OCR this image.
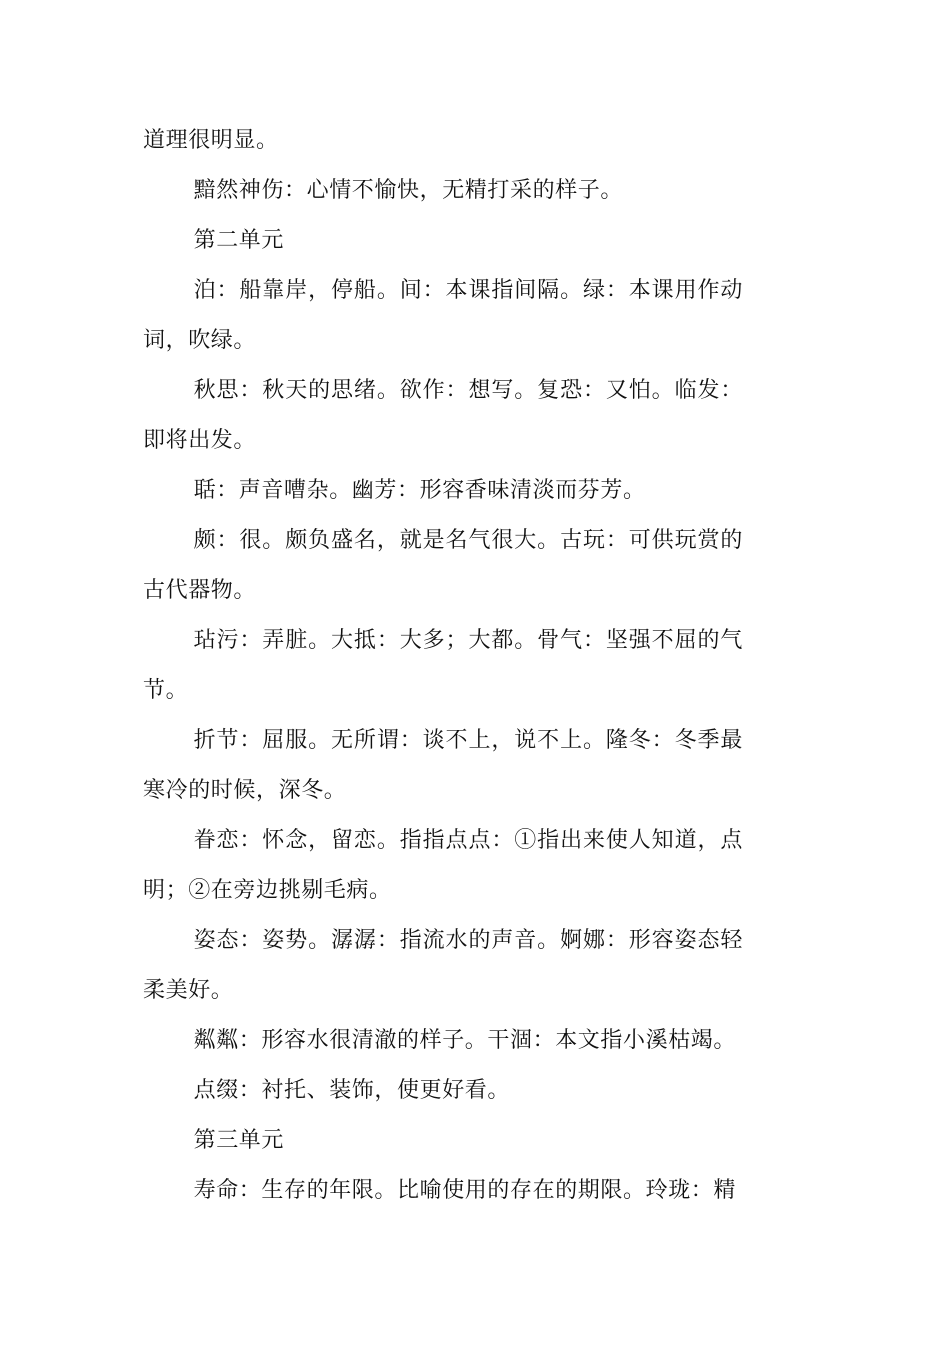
道理很明显。

黯然神伤：心情不愉快，无精打采的样子。

第二单元

泊：船靠岸，停船。间：本课指间隔。绿：本课用作动词，吹绿。

秋思：秋天的思绪。欲作：想写。复恐：又怕。临发：即将出发。

聒：声音嘈杂。幽芳：形容香味清淡而芬芳。

颇：很。颇负盛名，就是名气很大。古玩：可供玩赏的古代器物。

玷污：弄脏。大抵：大多；大都。骨气：坚强不屈的气节。

折节：屈服。无所谓：谈不上，说不上。隆冬：冬季最寒冷的时候，深冬。

眷恋：怀念，留恋。指指点点：①指出来使人知道，点明；②在旁边挑剔毛病。

姿态：姿势。潺潺：指流水的声音。婀娜：形容姿态轻柔美好。

粼粼：形容水很清澈的样子。干涸：本文指小溪枯竭。

点缀：衬托、装饰，使更好看。

第三单元

寿命：生存的年限。比喻使用的存在的期限。玲珑：精
